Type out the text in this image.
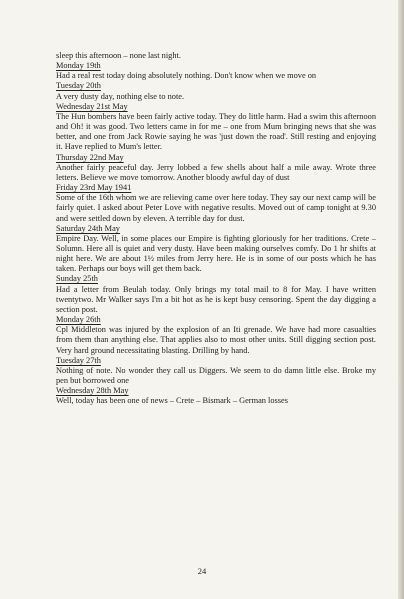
sleep this afternoon – none last night.

Monday 19th

Had a real rest today doing absolutely nothing. Don't know when we move on

Tuesday 20th

A very dusty day, nothing else to note.

Wednesday 21st May

The Hun bombers have been fairly active today. They do little harm. Had a swim this afternoon and Oh! it was good. Two letters came in for me – one from Mum bringing news that she was better, and one from Jack Rowie saying he was 'just down the road'. Still resting and enjoying it. Have replied to Mum's letter.

Thursday 22nd May

Another fairly peaceful day. Jerry lobbed a few shells about half a mile away. Wrote three letters. Believe we move tomorrow. Another bloody awful day of dust

Friday 23rd May 1941

Some of the 16th whom we are relieving came over here today. They say our next camp will be fairly quiet. I asked about Peter Love with negative results. Moved out of camp tonight at 9.30 and were settled down by eleven. A terrible day for dust.

Saturday 24th May

Empire Day. Well, in some places our Empire is fighting gloriously for her traditions. Crete – Solumn. Here all is quiet and very dusty. Have been making ourselves comfy. Do 1 hr shifts at night here. We are about 1½ miles from Jerry here. He is in some of our posts which he has taken. Perhaps our boys will get them back.

Sunday 25th

Had a letter from Beulah today. Only brings my total mail to 8 for May. I have written twentytwo. Mr Walker says I'm a bit hot as he is kept busy censoring. Spent the day digging a section post.

Monday 26th

Cpl Middleton was injured by the explosion of an Iti grenade. We have had more casualties from them than anything else. That applies also to most other units. Still digging section post. Very hard ground necessitating blasting. Drilling by hand.

Tuesday 27th

Nothing of note. No wonder they call us Diggers. We seem to do damn little else. Broke my pen but borrowed one

Wednesday 28th May

Well, today has been one of news – Crete – Bismark – German losses

24
